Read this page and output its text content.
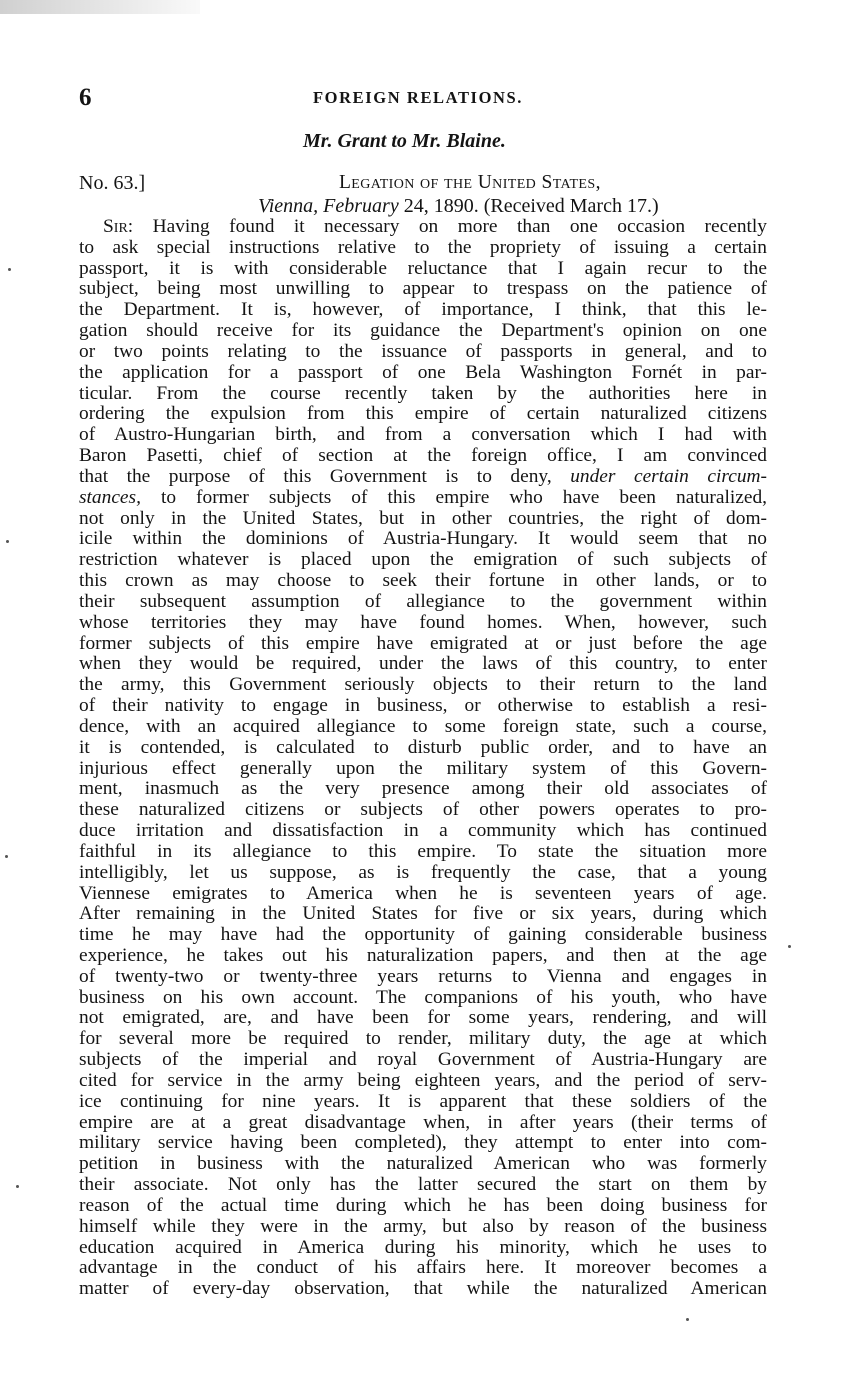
6	FOREIGN RELATIONS.
Mr. Grant to Mr. Blaine.
No. 63.]	Legation of the United States,
Vienna, February 24, 1890. (Received March 17.)
Sir: Having found it necessary on more than one occasion recently
to ask special instructions relative to the propriety of issuing a certain
passport, it is with considerable reluctance that I again recur to the
subject, being most unwilling to appear to trespass on the patience of
the Department. It is, however, of importance, I think, that this le-
gation should receive for its guidance the Department's opinion on one
or two points relating to the issuance of passports in general, and to
the application for a passport of one Bela Washington Fornét in par-
ticular. From the course recently taken by the authorities here in
ordering the expulsion from this empire of certain naturalized citizens
of Austro-Hungarian birth, and from a conversation which I had with
Baron Pasetti, chief of section at the foreign office, I am convinced
that the purpose of this Government is to deny, under certain circum-
stances, to former subjects of this empire who have been naturalized,
not only in the United States, but in other countries, the right of dom-
icile within the dominions of Austria-Hungary. It would seem that no
restriction whatever is placed upon the emigration of such subjects of
this crown as may choose to seek their fortune in other lands, or to
their subsequent assumption of allegiance to the government within
whose territories they may have found homes. When, however, such
former subjects of this empire have emigrated at or just before the age
when they would be required, under the laws of this country, to enter
the army, this Government seriously objects to their return to the land
of their nativity to engage in business, or otherwise to establish a resi-
dence, with an acquired allegiance to some foreign state, such a course,
it is contended, is calculated to disturb public order, and to have an
injurious effect generally upon the military system of this Govern-
ment, inasmuch as the very presence among their old associates of
these naturalized citizens or subjects of other powers operates to pro-
duce irritation and dissatisfaction in a community which has continued
faithful in its allegiance to this empire. To state the situation more
intelligibly, let us suppose, as is frequently the case, that a young
Viennese emigrates to America when he is seventeen years of age.
After remaining in the United States for five or six years, during which
time he may have had the opportunity of gaining considerable business
experience, he takes out his naturalization papers, and then at the age
of twenty-two or twenty-three years returns to Vienna and engages in
business on his own account. The companions of his youth, who have
not emigrated, are, and have been for some years, rendering, and will
for several more be required to render, military duty, the age at which
subjects of the imperial and royal Government of Austria-Hungary are
cited for service in the army being eighteen years, and the period of serv-
ice continuing for nine years. It is apparent that these soldiers of the
empire are at a great disadvantage when, in after years (their terms of
military service having been completed), they attempt to enter into com-
petition in business with the naturalized American who was formerly
their associate. Not only has the latter secured the start on them by
reason of the actual time during which he has been doing business for
himself while they were in the army, but also by reason of the business
education acquired in America during his minority, which he uses to
advantage in the conduct of his affairs here. It moreover becomes a
matter of every-day observation, that while the naturalized American
